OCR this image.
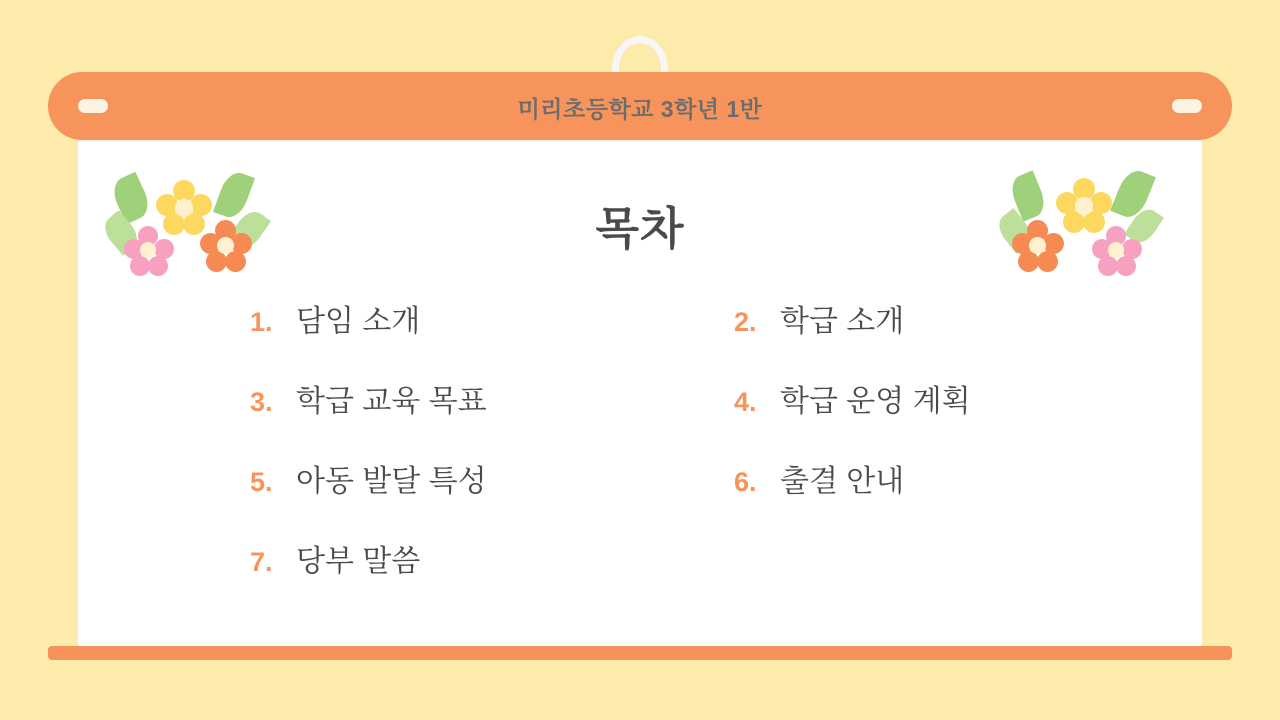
미리초등학교 3학년 1반
목차
1. 담임 소개	2. 학급 소개
3. 학급 교육 목표	4. 학급 운영 계획
5. 아동 발달 특성	6. 출결 안내
7. 당부 말씀
